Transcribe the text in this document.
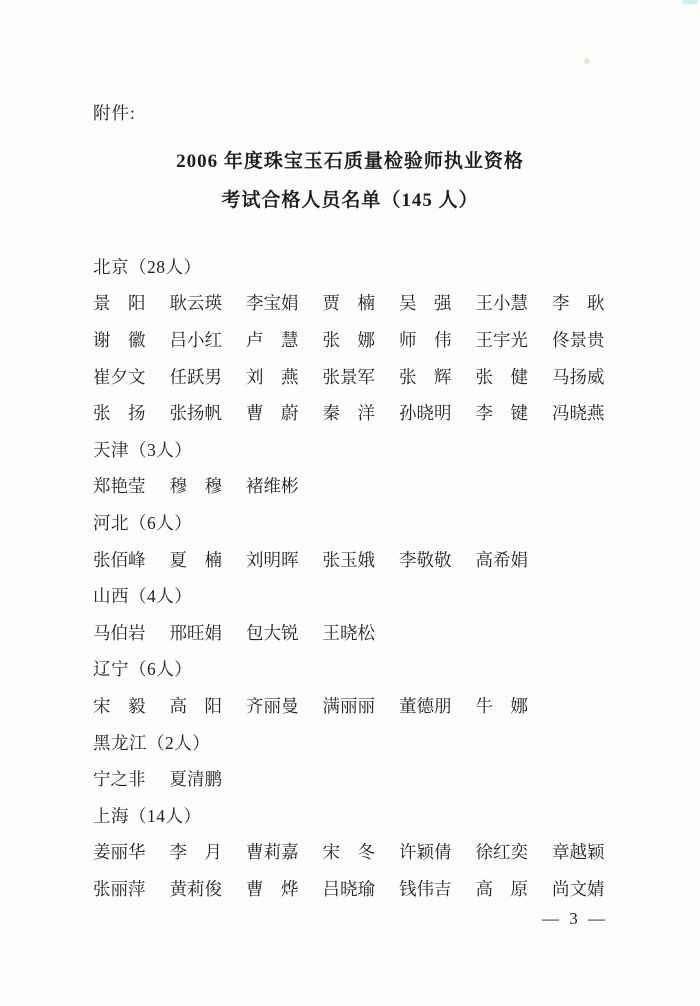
附件:
2006 年度珠宝玉石质量检验师执业资格
考试合格人员名单（145 人）
北京（28人）
景　阳 耿云瑛 李宝娟 贾　楠 吴　强 王小慧 李　耿
谢　徽 吕小红 卢　慧 张　娜 师　伟 王宇光 佟景贵
崔夕文 任跃男 刘　燕 张景军 张　辉 张　健 马扬威
张　扬 张扬帆 曹　蔚 秦　洋 孙晓明 李　键 冯晓燕
天津（3人）
郑艳莹 穆　穆 褚维彬
河北（6人）
张佰峰 夏　楠 刘明晖 张玉娥 李敬敬 高希娟
山西（4人）
马伯岩 邢旺娟 包大锐 王晓松
辽宁（6人）
宋　毅 高　阳 齐丽曼 满丽丽 董德朋 牛　娜
黑龙江（2人）
宁之非 夏清鹏
上海（14人）
姜丽华 李　月 曹莉嘉 宋　冬 许颖倩 徐红奕 章越颖
张丽萍 黄莉俊 曹　烨 吕晓瑜 钱伟吉 高　原 尚文婧
— 3 —
